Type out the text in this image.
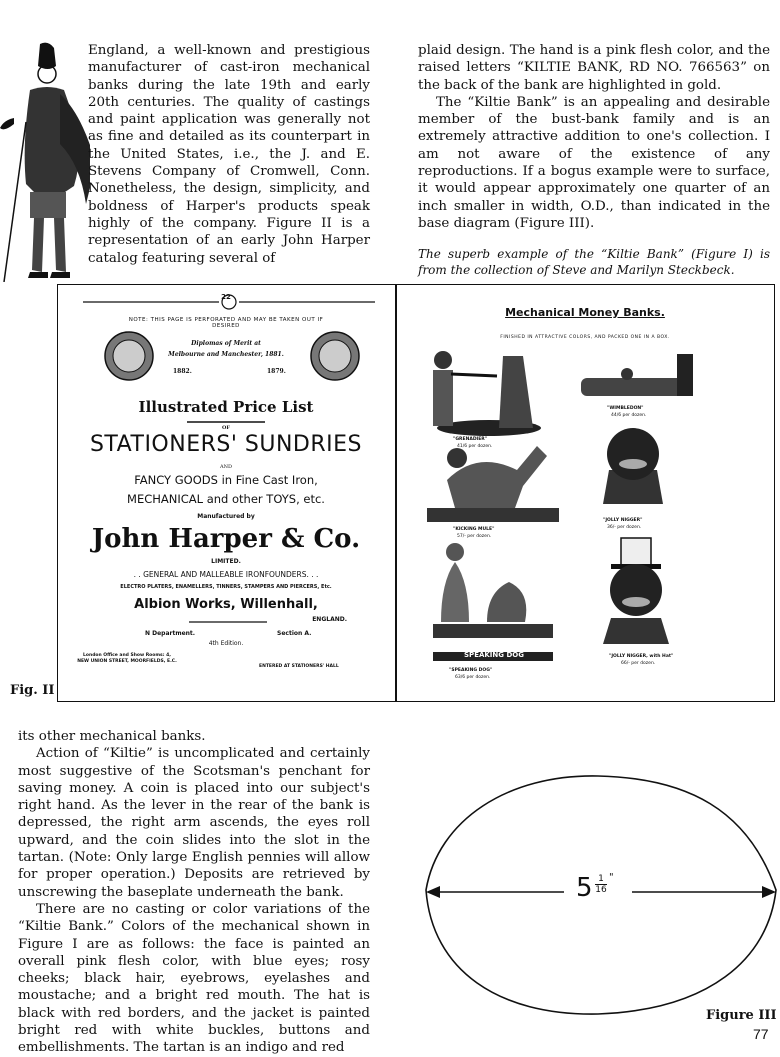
England, a well-known and prestigious manufacturer of cast-iron mechanical banks during the late 19th and early 20th centuries. The quality of castings and paint application was generally not as fine and detailed as its counterpart in the United States, i.e., the J. and E. Stevens Company of Cromwell, Conn. Nonetheless, the design, simplicity, and boldness of Harper's products speak highly of the company. Figure II is a representation of an early John Harper catalog featuring several of

plaid design. The hand is a pink flesh color, and the raised letters “KILTIE BANK, RD NO. 766563” on the back of the bank are highlighted in gold.

The “Kiltie Bank” is an appealing and desirable member of the bust-bank family and is an extremely attractive addition to one's collection. I am not aware of the existence of any reproductions. If a bogus example were to surface, it would appear approximately one quarter of an inch smaller in width, O.D., than indicated in the base diagram (Figure III).

The superb example of the “Kiltie Bank” (Figure I) is from the collection of Steve and Marilyn Steckbeck.

22
NOTE: THIS PAGE IS PERFORATED AND MAY BE TAKEN OUT IF DESIRED
Diplomas of Merit at
Melbourne and Manchester, 1881.
1882.	1879.
Illustrated Price List
OF
STATIONERS' SUNDRIES
AND
FANCY GOODS in Fine Cast Iron,
MECHANICAL and other TOYS, etc.
Manufactured by
John Harper & Co.
LIMITED.
. . GENERAL AND MALLEABLE IRONFOUNDERS. . .
ELECTRO PLATERS, ENAMELLERS, TINNERS, STAMPERS AND PIERCERS, Etc.
Albion Works, Willenhall,
ENGLAND.
N Department.	Section A.
4th Edition.
London Office and Show Rooms: 4, NEW UNION STREET, MOORFIELDS, E.C.
ENTERED AT STATIONERS' HALL
Mechanical Money Banks.
FINISHED IN ATTRACTIVE COLORS, AND PACKED ONE IN A BOX.
SPEAKING DOG
"GRENADIER"
41/6 per dozen.
"WIMBLEDON"
44/6 per dozen.
"KICKING MULE"
57/- per dozen.
"JOLLY NIGGER"
36/- per dozen.
"SPEAKING DOG"
63/6 per dozen.
"JOLLY NIGGER, with Hat"
66/- per dozen.
Fig. II

its other mechanical banks.

Action of “Kiltie” is uncomplicated and certainly most suggestive of the Scotsman's penchant for saving money. A coin is placed into our subject's right hand. As the lever in the rear of the bank is depressed, the right arm ascends, the eyes roll upward, and the coin slides into the slot in the tartan. (Note: Only large English pennies will allow for proper operation.) Deposits are retrieved by unscrewing the baseplate underneath the bank.

There are no casting or color variations of the “Kiltie Bank.” Colors of the mechanical shown in Figure I are as follows: the face is painted an overall pink flesh color, with blue eyes; rosy cheeks; black hair, eyebrows, eyelashes and moustache; and a bright red mouth. The hat is black with red borders, and the jacket is painted bright red with white buckles, buttons and embellishments. The tartan is an indigo and red

$5 \frac{1}{16}$ "
Figure III
77
